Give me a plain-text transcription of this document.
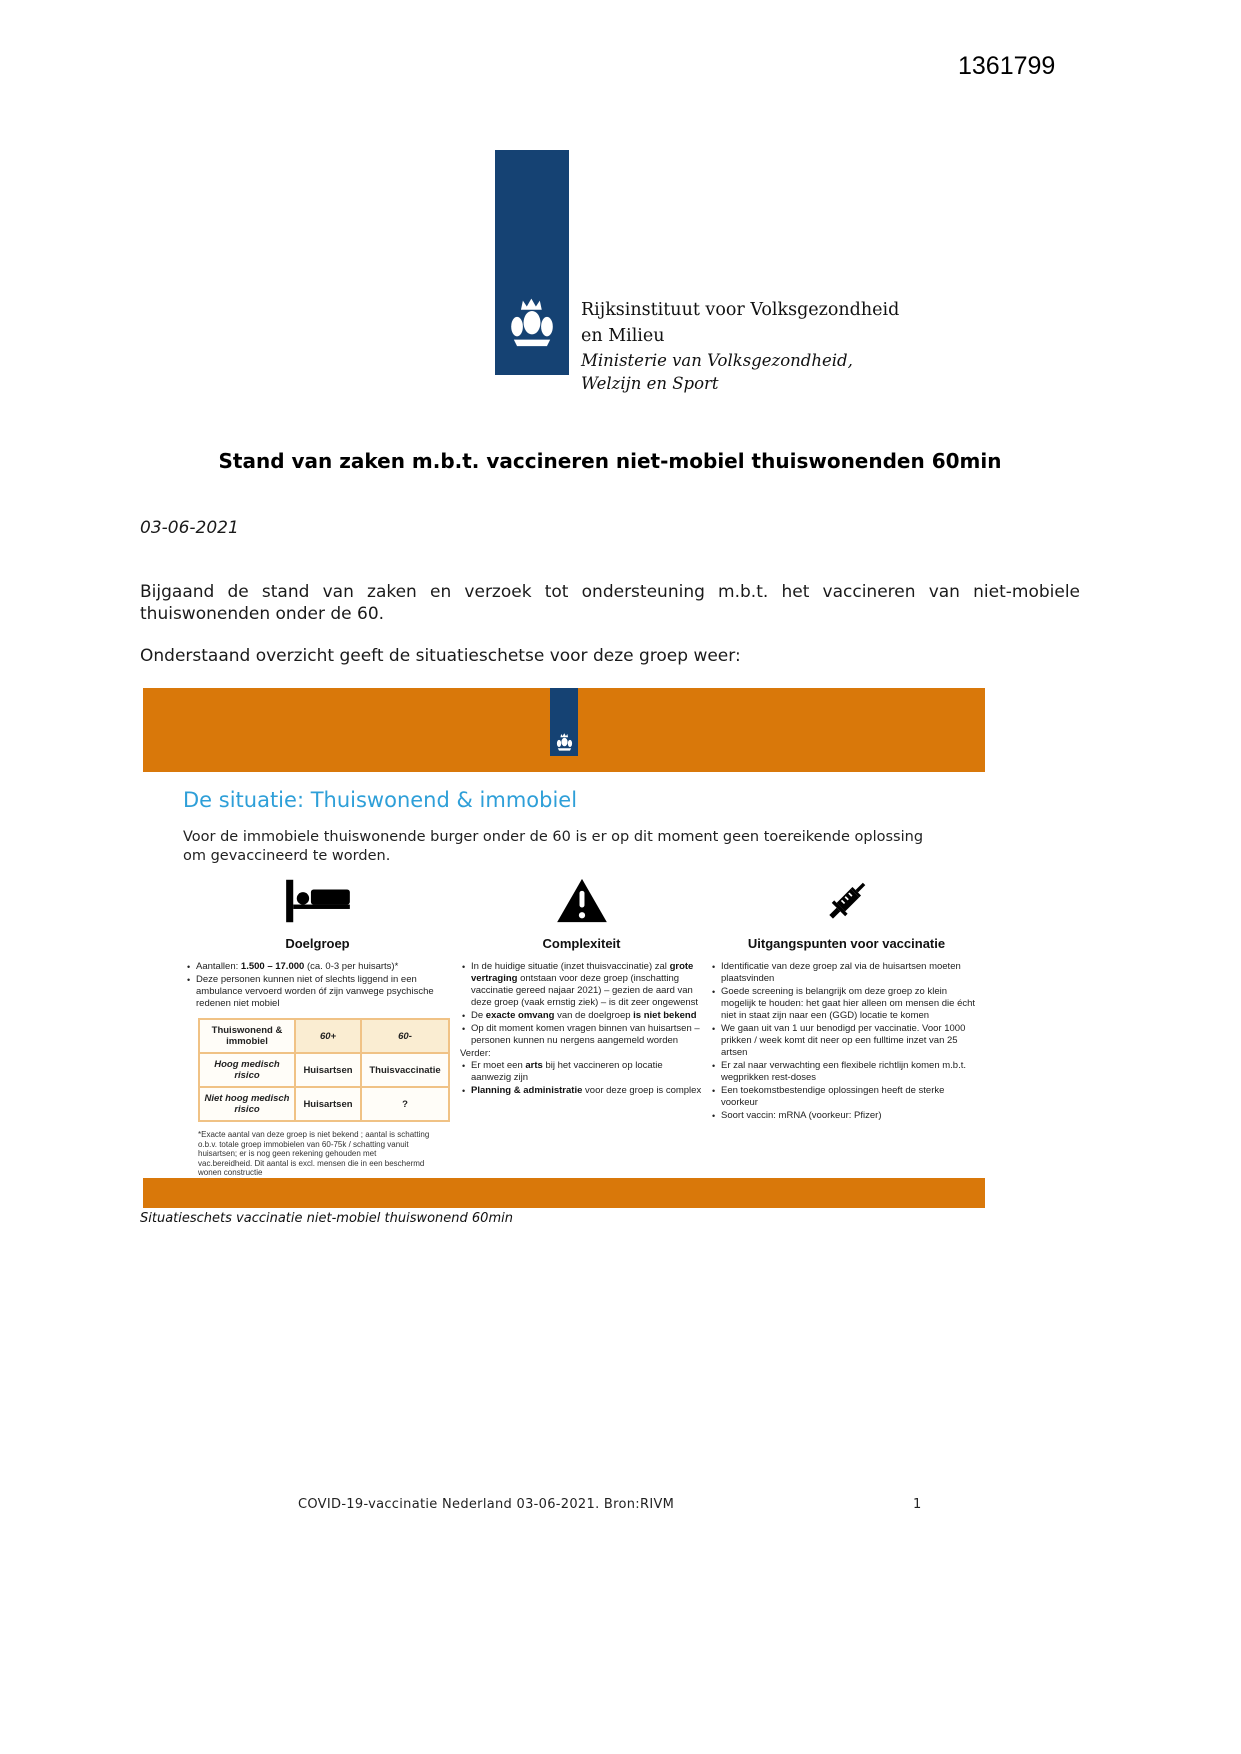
1361799
Rijksinstituut voor Volksgezondheid
en Milieu
Ministerie van Volksgezondheid,
Welzijn en Sport
Stand van zaken m.b.t. vaccineren niet-mobiel thuiswonenden 60min
03-06-2021

Bijgaand de stand van zaken en verzoek tot ondersteuning m.b.t. het vaccineren van niet-mobiele thuiswonenden onder de 60.

Onderstaand overzicht geeft de situatieschetse voor deze groep weer:

De situatie: Thuiswonend & immobiel

Voor de immobiele thuiswonende burger onder de 60 is er op dit moment geen toereikende oplossing om gevaccineerd te worden.

Doelgroep
• Aantallen: 1.500 – 17.000 (ca. 0-3 per huisarts)*
• Deze personen kunnen niet of slechts liggend in een ambulance vervoerd worden óf zijn vanwege psychische redenen niet mobiel
Thuiswonend & immobiel	60+	60-
Hoog medisch risico	Huisartsen	Thuisvaccinatie
Niet hoog medisch risico	Huisartsen	?
*Exacte aantal van deze groep is niet bekend ; aantal is schatting o.b.v. totale groep immobielen van 60-75k / schatting vanuit huisartsen; er is nog geen rekening gehouden met vac.bereidheid. Dit aantal is excl. mensen die in een beschermd wonen constructie
Complexiteit
• In de huidige situatie (inzet thuisvaccinatie) zal grote vertraging ontstaan voor deze groep (inschatting vaccinatie gereed najaar 2021) – gezien de aard van deze groep (vaak ernstig ziek) – is dit zeer ongewenst
• De exacte omvang van de doelgroep is niet bekend
• Op dit moment komen vragen binnen van huisartsen – personen kunnen nu nergens aangemeld worden
Verder:
• Er moet een arts bij het vaccineren op locatie aanwezig zijn
• Planning & administratie voor deze groep is complex
Uitgangspunten voor vaccinatie
• Identificatie van deze groep zal via de huisartsen moeten plaatsvinden
• Goede screening is belangrijk om deze groep zo klein mogelijk te houden: het gaat hier alleen om mensen die écht niet in staat zijn naar een (GGD) locatie te komen
• We gaan uit van 1 uur benodigd per vaccinatie. Voor 1000 prikken / week komt dit neer op een fulltime inzet van 25 artsen
• Er zal naar verwachting een flexibele richtlijn komen m.b.t. wegprikken rest-doses
• Een toekomstbestendige oplossingen heeft de sterke voorkeur
• Soort vaccin: mRNA (voorkeur: Pfizer)
Situatieschets vaccinatie niet-mobiel thuiswonend 60min
COVID-19-vaccinatie Nederland 03-06-2021. Bron:RIVM	1
